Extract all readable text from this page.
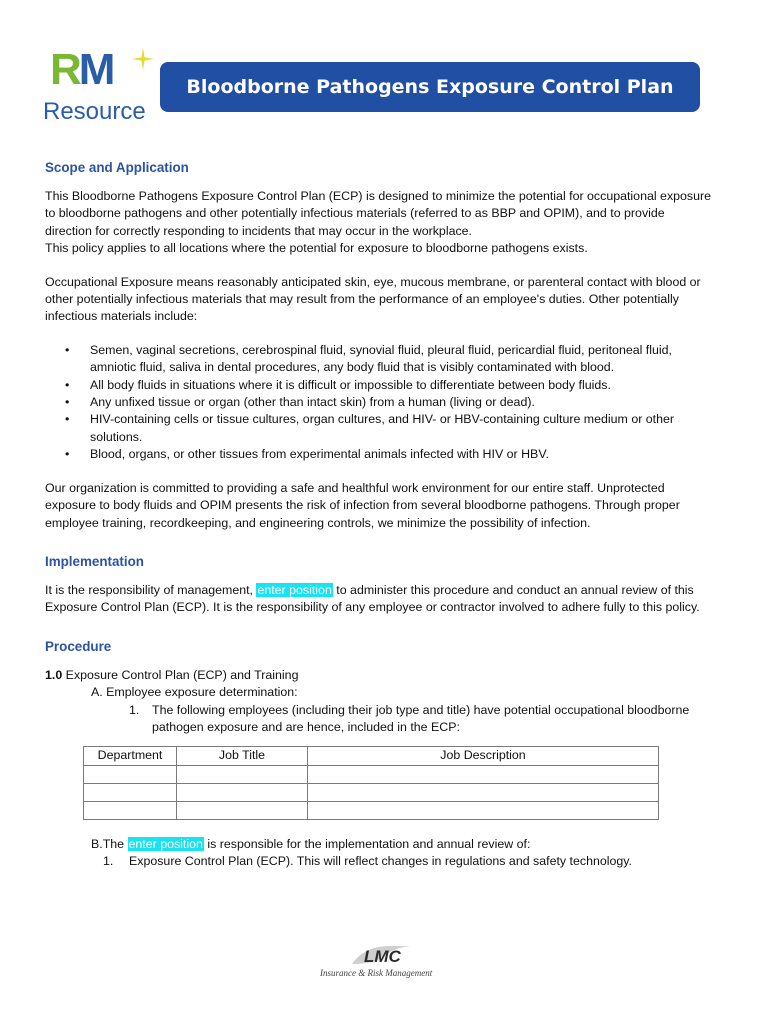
RM
Resource
Bloodborne Pathogens Exposure Control Plan
Scope and Application

This Bloodborne Pathogens Exposure Control Plan (ECP) is designed to minimize the potential for occupational exposure
to bloodborne pathogens and other potentially infectious materials (referred to as BBP and OPIM), and to provide
direction for correctly responding to incidents that may occur in the workplace.
This policy applies to all locations where the potential for exposure to bloodborne pathogens exists.

Occupational Exposure means reasonably anticipated skin, eye, mucous membrane, or parenteral contact with blood or
other potentially infectious materials that may result from the performance of an employee's duties. Other potentially
infectious materials include:

• Semen, vaginal secretions, cerebrospinal fluid, synovial fluid, pleural fluid, pericardial fluid, peritoneal fluid,
amniotic fluid, saliva in dental procedures, any body fluid that is visibly contaminated with blood.
• All body fluids in situations where it is difficult or impossible to differentiate between body fluids.
• Any unfixed tissue or organ (other than intact skin) from a human (living or dead).
• HIV-containing cells or tissue cultures, organ cultures, and HIV- or HBV-containing culture medium or other
solutions.
• Blood, organs, or other tissues from experimental animals infected with HIV or HBV.

Our organization is committed to providing a safe and healthful work environment for our entire staff. Unprotected
exposure to body fluids and OPIM presents the risk of infection from several bloodborne pathogens. Through proper
employee training, recordkeeping, and engineering controls, we minimize the possibility of infection.

Implementation

It is the responsibility of management, enter position to administer this procedure and conduct an annual review of this
Exposure Control Plan (ECP). It is the responsibility of any employee or contractor involved to adhere fully to this policy.

Procedure

1.0 Exposure Control Plan (ECP) and Training

A. Employee exposure determination:

1.	The following employees (including their job type and title) have potential occupational bloodborne
pathogen exposure and are hence, included in the ECP:

Department	Job Title	Job Description

B.The enter position is responsible for the implementation and annual review of:

1.	Exposure Control Plan (ECP). This will reflect changes in regulations and safety technology.

LMC
Insurance & Risk Management
